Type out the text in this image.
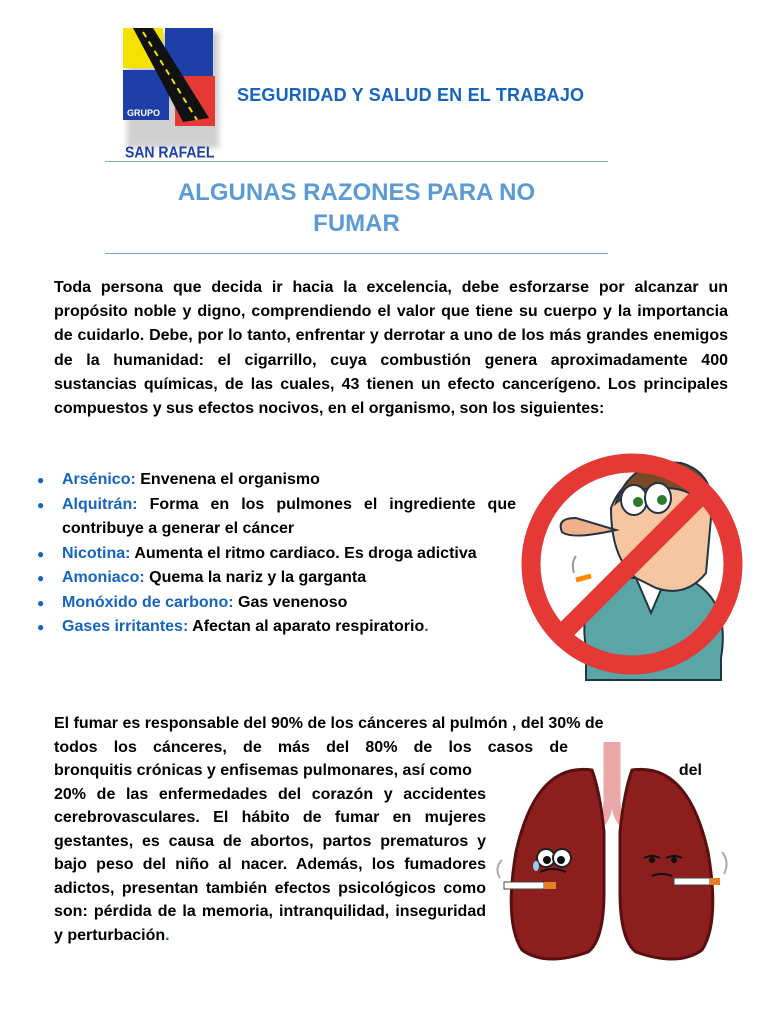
GRUPO
SAN RAFAEL
SEGURIDAD Y SALUD EN EL TRABAJO
ALGUNAS RAZONES PARA NO
FUMAR
Toda persona que decida ir hacia la excelencia, debe esforzarse por alcanzar un propósito noble y digno, comprendiendo el valor que tiene su cuerpo y la importancia de cuidarlo. Debe, por lo tanto, enfrentar y derrotar a uno de los más grandes enemigos de la humanidad: el cigarrillo, cuya combustión genera aproximadamente 400 sustancias químicas, de las cuales, 43 tienen un efecto cancerígeno. Los principales compuestos y sus efectos nocivos, en el organismo, son los siguientes:
● Arsénico: Envenena el organismo
● Alquitrán: Forma en los pulmones el ingrediente que contribuye a generar el cáncer
● Nicotina: Aumenta el ritmo cardiaco. Es droga adictiva
● Amoniaco: Quema la nariz y la garganta
● Monóxido de carbono: Gas venenoso
● Gases irritantes: Afectan al aparato respiratorio.
El fumar es responsable del 90% de los cánceres al pulmón , del 30% de
todos los cánceres, de más del 80% de los casos de
bronquitis crónicas y enfisemas pulmonares, así como	del
20% de las enfermedades del corazón y accidentes cerebrovasculares. El hábito de fumar en mujeres gestantes, es causa de abortos, partos prematuros y bajo peso del niño al nacer. Además, los fumadores adictos, presentan también efectos psicológicos como son: pérdida de la memoria, intranquilidad, inseguridad y perturbación.
